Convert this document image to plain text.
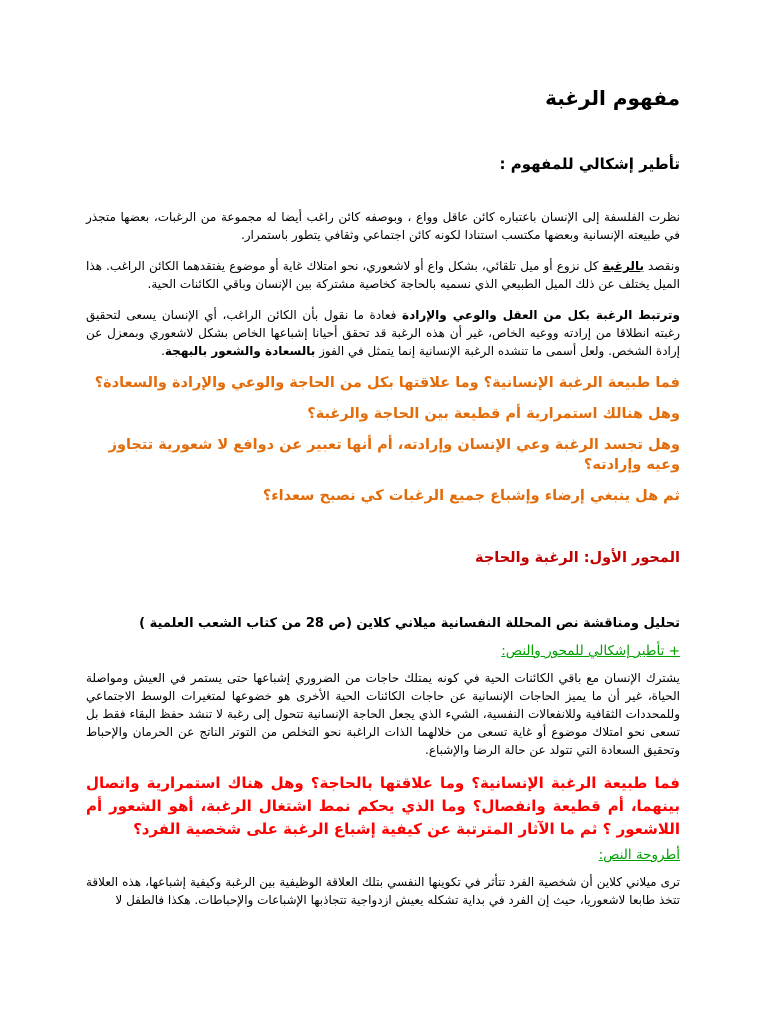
مفهوم الرغبة
تأطير إشكالي للمفهوم :

نظرت الفلسفة إلى الإنسان باعتباره كائن عاقل وواع ، وبوصفه كائن راغب أيضا له مجموعة من الرغبات، بعضها متجذر في طبيعته الإنسانية وبعضها مكتسب استنادا لكونه كائن اجتماعي وثقافي يتطور باستمرار.

ونقصد بالرغبة كل نزوع أو ميل تلقائي، بشكل واع أو لاشعوري، نحو امتلاك غاية أو موضوع يفتقدهما الكائن الراغب. هذا الميل يختلف عن ذلك الميل الطبيعي الذي نسميه بالحاجة كخاصية مشتركة بين الإنسان وباقي الكائنات الحية.

وترتبط الرغبة بكل من العقل والوعي والإرادة فعادة ما نقول بأن الكائن الراغب، أي الإنسان يسعى لتحقيق رغبته انطلاقا من إرادته ووعيه الخاص، غير أن هذه الرغبة قد تحقق أحيانا إشباعها الخاص بشكل لاشعوري وبمعزل عن إرادة الشخص. ولعل أسمى ما تنشده الرغبة الإنسانية إنما يتمثل في الفوز بالسعادة والشعور بالبهجة.

فما طبيعة الرغبة الإنسانية؟ وما علاقتها بكل من الحاجة والوعي والإرادة والسعادة؟

وهل هنالك استمرارية أم قطيعة بين الحاجة والرغبة؟

وهل تجسد الرغبة وعي الإنسان وإرادته، أم أنها تعبير عن دوافع لا شعورية تتجاوز وعيه وإرادته؟

ثم هل ينبغي إرضاء وإشباع جميع الرغبات كي نصبح سعداء؟

المحور الأول: الرغبة والحاجة
تحليل ومناقشة نص المحللة النفسانية ميلاني كلاين (ص 28 من كتاب الشعب العلمية )

+ تأطير إشكالي للمحور والنص:

يشترك الإنسان مع باقي الكائنات الحية في كونه يمتلك حاجات من الضروري إشباعها حتى يستمر في العيش ومواصلة الحياة، غير أن ما يميز الحاجات الإنسانية عن حاجات الكائنات الحية الأخرى هو خضوعها لمتغيرات الوسط الاجتماعي وللمحددات الثقافية وللانفعالات النفسية، الشيء الذي يجعل الحاجة الإنسانية تتحول إلى رغبة لا تنشد حفظ البقاء فقط بل تسعى نحو امتلاك موضوع أو غاية تسعى من خلالهما الذات الراغبة نحو التخلص من التوتر الناتج عن الحرمان والإحباط وتحقيق السعادة التي تتولد عن حالة الرضا والإشباع.

فما طبيعة الرغبة الإنسانية؟ وما علاقتها بالحاجة؟ وهل هناك استمرارية واتصال بينهما، أم قطيعة وانفصال؟ وما الذي يحكم نمط اشتغال الرغبة، أهو الشعور أم اللاشعور ؟ ثم ما الآثار المترتبة عن كيفية إشباع الرغبة على شخصية الفرد؟

أطروحة النص:

ترى ميلاني كلاين أن شخصية الفرد تتأثر في تكوينها النفسي بتلك العلاقة الوظيفية بين الرغبة وكيفية إشباعها، هذه العلاقة تتخذ طابعا لاشعوريا، حيث إن الفرد في بداية تشكله يعيش ازدواجية تتجاذبها الإشباعات والإحباطات. هكذا فالطفل لا
